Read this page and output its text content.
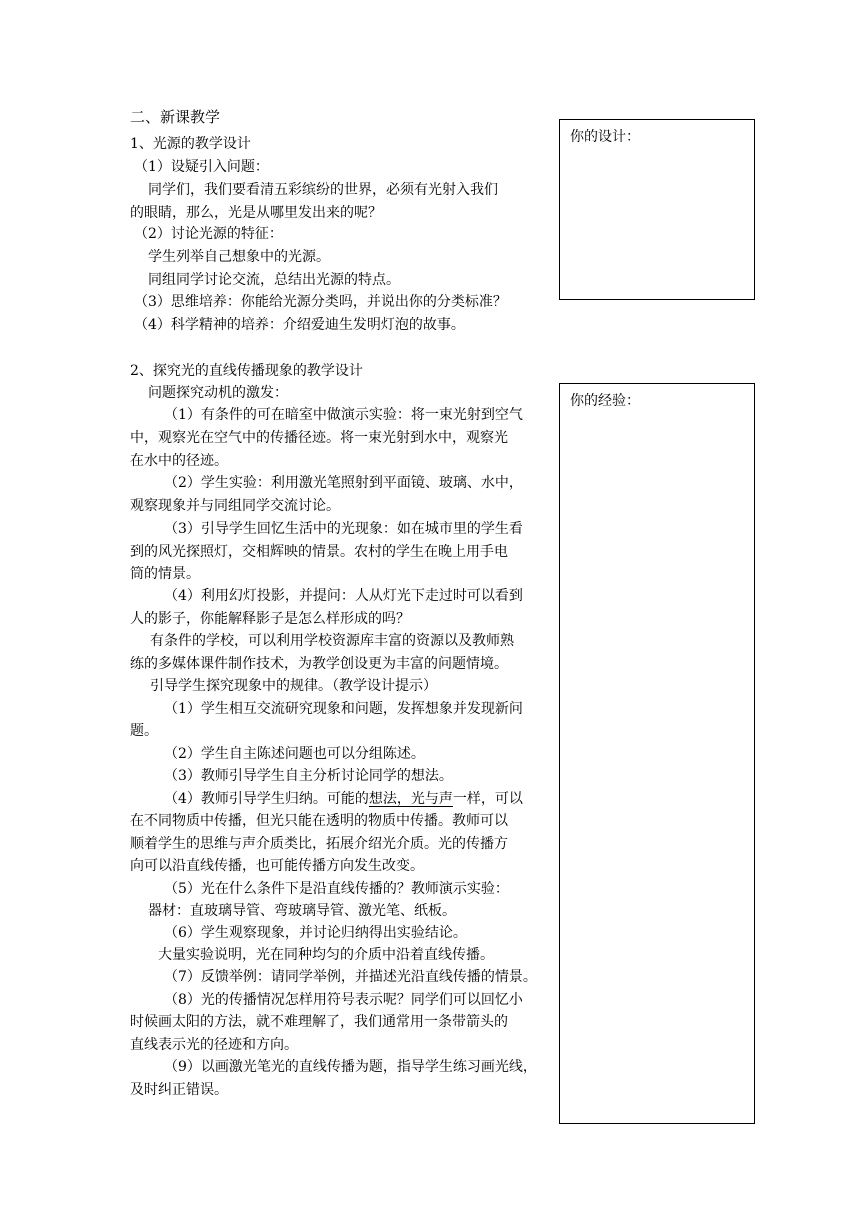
二、新课教学
1、光源的教学设计
（1）设疑引入问题：
同学们，我们要看清五彩缤纷的世界，必须有光射入我们
的眼睛，那么，光是从哪里发出来的呢？
（2）讨论光源的特征：
学生列举自己想象中的光源。
同组同学讨论交流，总结出光源的特点。
（3）思维培养：你能给光源分类吗，并说出你的分类标准？
（4）科学精神的培养：介绍爱迪生发明灯泡的故事。
2、探究光的直线传播现象的教学设计
问题探究动机的激发：
（1）有条件的可在暗室中做演示实验：将一束光射到空气
中，观察光在空气中的传播径迹。将一束光射到水中，观察光
在水中的径迹。
（2）学生实验：利用激光笔照射到平面镜、玻璃、水中，
观察现象并与同组同学交流讨论。
（3）引导学生回忆生活中的光现象：如在城市里的学生看
到的风光探照灯，交相辉映的情景。农村的学生在晚上用手电
筒的情景。
（4）利用幻灯投影，并提问：人从灯光下走过时可以看到
人的影子，你能解释影子是怎么样形成的吗？
有条件的学校，可以利用学校资源库丰富的资源以及教师熟
练的多媒体课件制作技术，为教学创设更为丰富的问题情境。
引导学生探究现象中的规律。（教学设计提示）
（1）学生相互交流研究现象和问题，发挥想象并发现新问
题。
（2）学生自主陈述问题也可以分组陈述。
（3）教师引导学生自主分析讨论同学的想法。
（4）教师引导学生归纳。可能的想法，光与声一样，可以
在不同物质中传播，但光只能在透明的物质中传播。教师可以
顺着学生的思维与声介质类比，拓展介绍光介质。光的传播方
向可以沿直线传播，也可能传播方向发生改变。
（5）光在什么条件下是沿直线传播的？教师演示实验：
器材：直玻璃导管、弯玻璃导管、激光笔、纸板。
（6）学生观察现象，并讨论归纳得出实验结论。
大量实验说明，光在同种均匀的介质中沿着直线传播。
（7）反馈举例：请同学举例，并描述光沿直线传播的情景。
（8）光的传播情况怎样用符号表示呢？同学们可以回忆小
时候画太阳的方法，就不难理解了，我们通常用一条带箭头的
直线表示光的径迹和方向。
（9）以画激光笔光的直线传播为题，指导学生练习画光线，
及时纠正错误。
你的设计：
你的经验：
